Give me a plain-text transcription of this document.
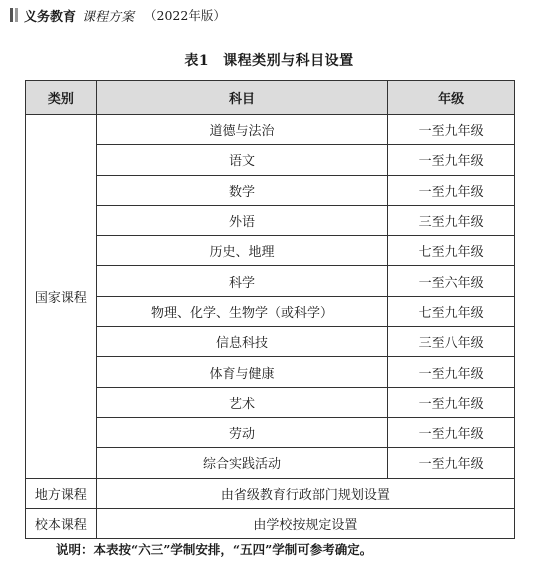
义务教育 课程方案 （2022年版）
表1 课程类别与科目设置
类别	科目	年级
国家课程	道德与法治	一至九年级
	语文	一至九年级
	数学	一至九年级
	外语	三至九年级
	历史、地理	七至九年级
	科学	一至六年级
	物理、化学、生物学（或科学）	七至九年级
	信息科技	三至八年级
	体育与健康	一至九年级
	艺术	一至九年级
	劳动	一至九年级
	综合实践活动	一至九年级
地方课程	由省级教育行政部门规划设置	
校本课程	由学校按规定设置	
说明：本表按“六三”学制安排，“五四”学制可参考确定。
